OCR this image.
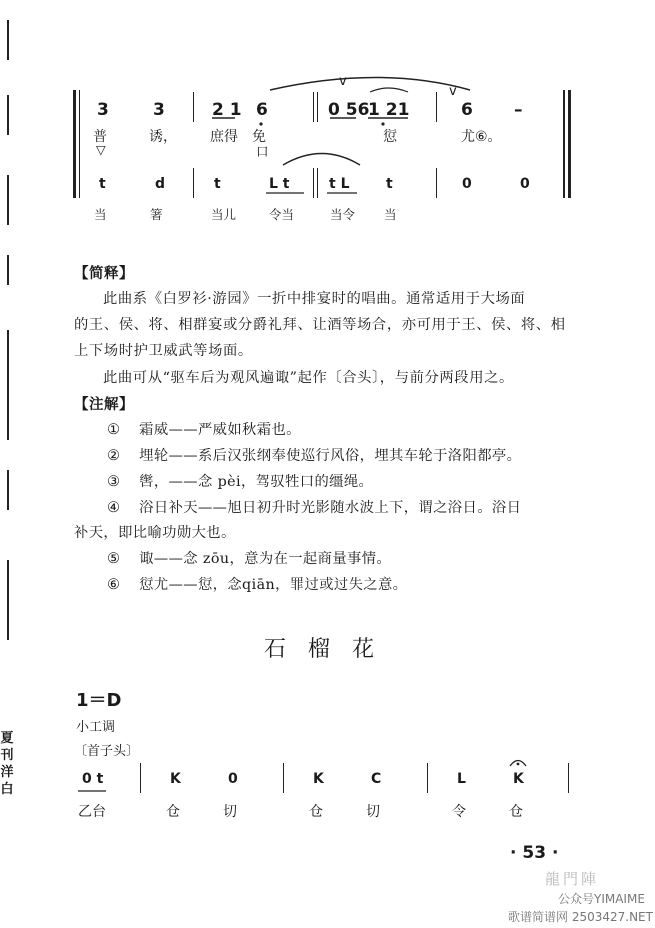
夏
刊
洋
白
v
v
3	3	2 1 6	0 56
1 21	6 –
普	诱， 庶得 免	愆	尤⑥。
▽	口
t	d	t	L t	t L	t	0	0
当	箸	当儿	令当	当令 当
【简释】
此曲系《白罗衫·游园》一折中排宴时的唱曲。通常适用于大场面
的王、侯、将、相群宴或分爵礼拜、让酒等场合，亦可用于王、侯、将、相
上下场时护卫威武等场面。
此曲可从“驱车后为观风遍诹”起作〔合头〕，与前分两段用之。
【注解】
① 霜威——严威如秋霜也。
② 埋轮——系后汉张纲奉使巡行风俗，埋其车轮于洛阳都亭。
③ 辔，——念 pèi，驾驭牲口的缰绳。
④ 浴日补天——旭日初升时光影随水波上下，谓之浴日。浴日
补天，即比喻功勋大也。
⑤ 诹——念 zōu，意为在一起商量事情。
⑥ 愆尤——愆，念qiān，罪过或过失之意。
石榴花
1＝D
小工调
〔首子头〕
0 t	K	0	K	C	L	K
乙台	仓	切	仓	切	令	仓
· 53 ·
龍門陣
公众号YIMAIME
歌谱简谱网 2503427.NET
